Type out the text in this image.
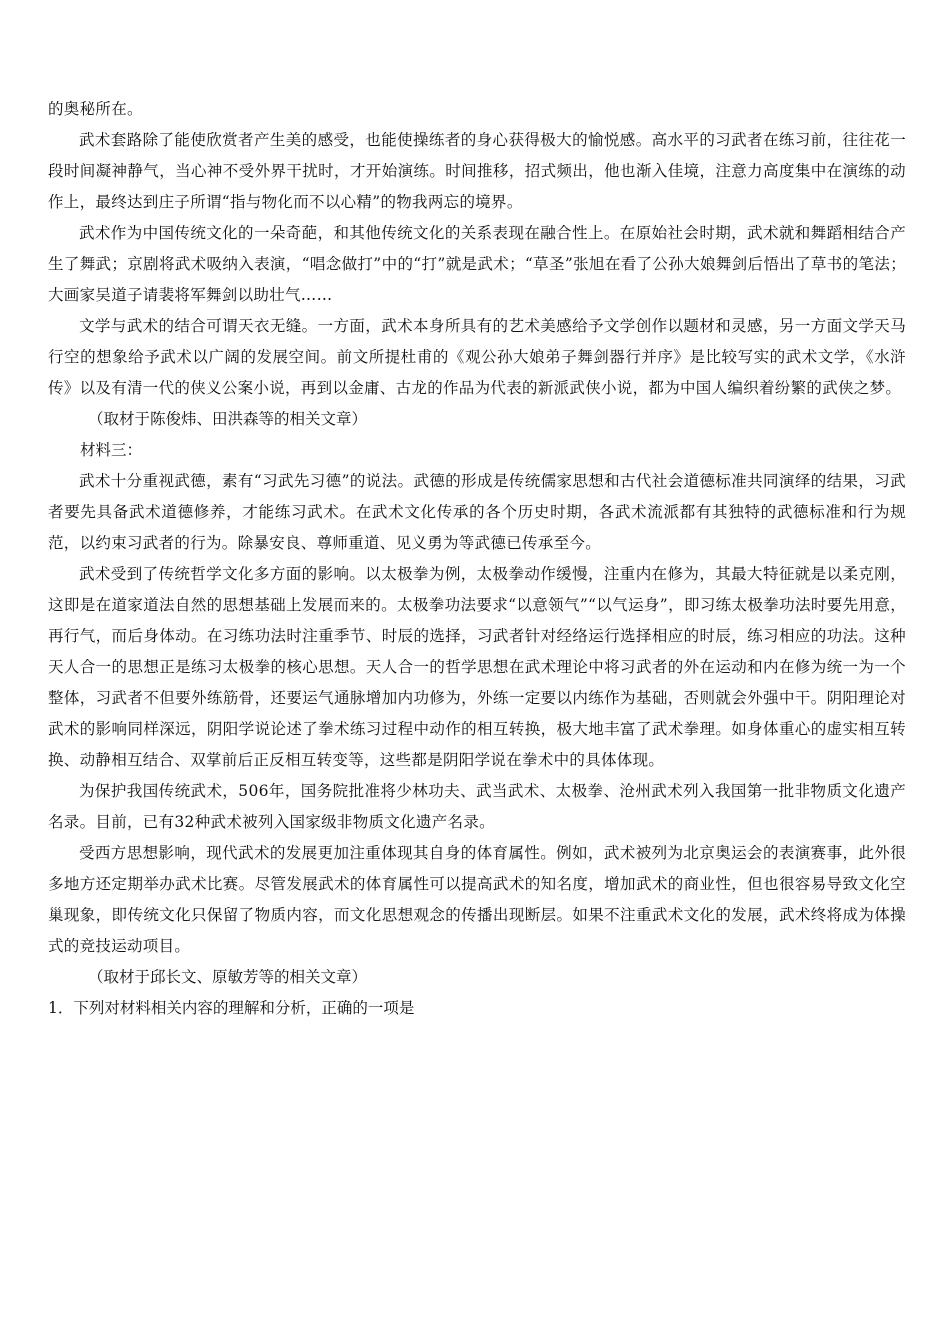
的奥秘所在。

武术套路除了能使欣赏者产生美的感受，也能使操练者的身心获得极大的愉悦感。高水平的习武者在练习前，往往花一段时间凝神静气，当心神不受外界干扰时，才开始演练。时间推移，招式频出，他也渐入佳境，注意力高度集中在演练的动作上，最终达到庄子所谓“指与物化而不以心精”的物我两忘的境界。

武术作为中国传统文化的一朵奇葩，和其他传统文化的关系表现在融合性上。在原始社会时期，武术就和舞蹈相结合产生了舞武；京剧将武术吸纳入表演，“唱念做打”中的“打”就是武术；“草圣”张旭在看了公孙大娘舞剑后悟出了草书的笔法；大画家吴道子请裴将军舞剑以助壮气……

文学与武术的结合可谓天衣无缝。一方面，武术本身所具有的艺术美感给予文学创作以题材和灵感，另一方面文学天马行空的想象给予武术以广阔的发展空间。前文所提杜甫的《观公孙大娘弟子舞剑器行并序》是比较写实的武术文学，《水浒传》以及有清一代的侠义公案小说，再到以金庸、古龙的作品为代表的新派武侠小说，都为中国人编织着纷繁的武侠之梦。

（取材于陈俊炜、田洪森等的相关文章）

材料三：

武术十分重视武德，素有“习武先习德”的说法。武德的形成是传统儒家思想和古代社会道德标准共同演绎的结果，习武者要先具备武术道德修养，才能练习武术。在武术文化传承的各个历史时期，各武术流派都有其独特的武德标准和行为规范，以约束习武者的行为。除暴安良、尊师重道、见义勇为等武德已传承至今。

武术受到了传统哲学文化多方面的影响。以太极拳为例，太极拳动作缓慢，注重内在修为，其最大特征就是以柔克刚，这即是在道家道法自然的思想基础上发展而来的。太极拳功法要求“以意领气”“以气运身”，即习练太极拳功法时要先用意，再行气，而后身体动。在习练功法时注重季节、时辰的选择，习武者针对经络运行选择相应的时辰，练习相应的功法。这种天人合一的思想正是练习太极拳的核心思想。天人合一的哲学思想在武术理论中将习武者的外在运动和内在修为统一为一个整体，习武者不但要外练筋骨，还要运气通脉增加内功修为，外练一定要以内练作为基础，否则就会外强中干。阴阳理论对武术的影响同样深远，阴阳学说论述了拳术练习过程中动作的相互转换，极大地丰富了武术拳理。如身体重心的虚实相互转换、动静相互结合、双掌前后正反相互转变等，这些都是阴阳学说在拳术中的具体体现。

为保护我国传统武术，506年，国务院批准将少林功夫、武当武术、太极拳、沧州武术列入我国第一批非物质文化遗产名录。目前，已有32种武术被列入国家级非物质文化遗产名录。

受西方思想影响，现代武术的发展更加注重体现其自身的体育属性。例如，武术被列为北京奥运会的表演赛事，此外很多地方还定期举办武术比赛。尽管发展武术的体育属性可以提高武术的知名度，增加武术的商业性，但也很容易导致文化空巢现象，即传统文化只保留了物质内容，而文化思想观念的传播出现断层。如果不注重武术文化的发展，武术终将成为体操式的竞技运动项目。

（取材于邱长文、原敏芳等的相关文章）

1．下列对材料相关内容的理解和分析，正确的一项是
